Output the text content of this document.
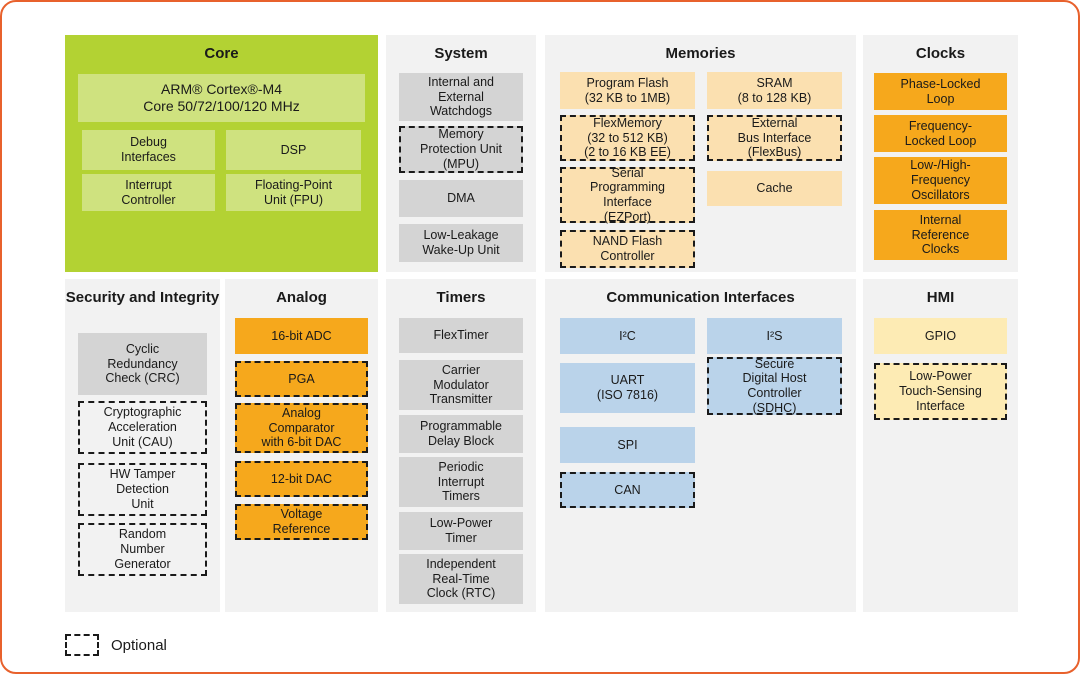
Core
ARM® Cortex®-M4
Core 50/72/100/120 MHz
Debug
Interfaces
DSP
Interrupt
Controller
Floating-Point
Unit (FPU)
System
Internal and
External
Watchdogs
Memory
Protection Unit
(MPU)
DMA
Low-Leakage
Wake-Up Unit
Memories
Program Flash
(32 KB to 1MB)
SRAM
(8 to 128 KB)
FlexMemory
(32 to 512 KB)
(2 to 16 KB EE)
External
Bus Interface
(FlexBus)
Serial
Programming
Interface
(EZPort)
Cache
NAND Flash
Controller
Clocks
Phase-Locked
Loop
Frequency-
Locked Loop
Low-/High-
Frequency
Oscillators
Internal
Reference
Clocks
Security and Integrity
Cyclic
Redundancy
Check (CRC)
Cryptographic
Acceleration
Unit (CAU)
HW Tamper
Detection
Unit
Random
Number
Generator
Analog
16-bit ADC
PGA
Analog
Comparator
with 6-bit DAC
12-bit DAC
Voltage
Reference
Timers
FlexTimer
Carrier
Modulator
Transmitter
Programmable
Delay Block
Periodic
Interrupt
Timers
Low-Power
Timer
Independent
Real-Time
Clock (RTC)
Communication Interfaces
I²C	I²S
UART
(ISO 7816)
Secure
Digital Host
Controller
(SDHC)
SPI
CAN
HMI
GPIO
Low-Power
Touch-Sensing
Interface
Optional
